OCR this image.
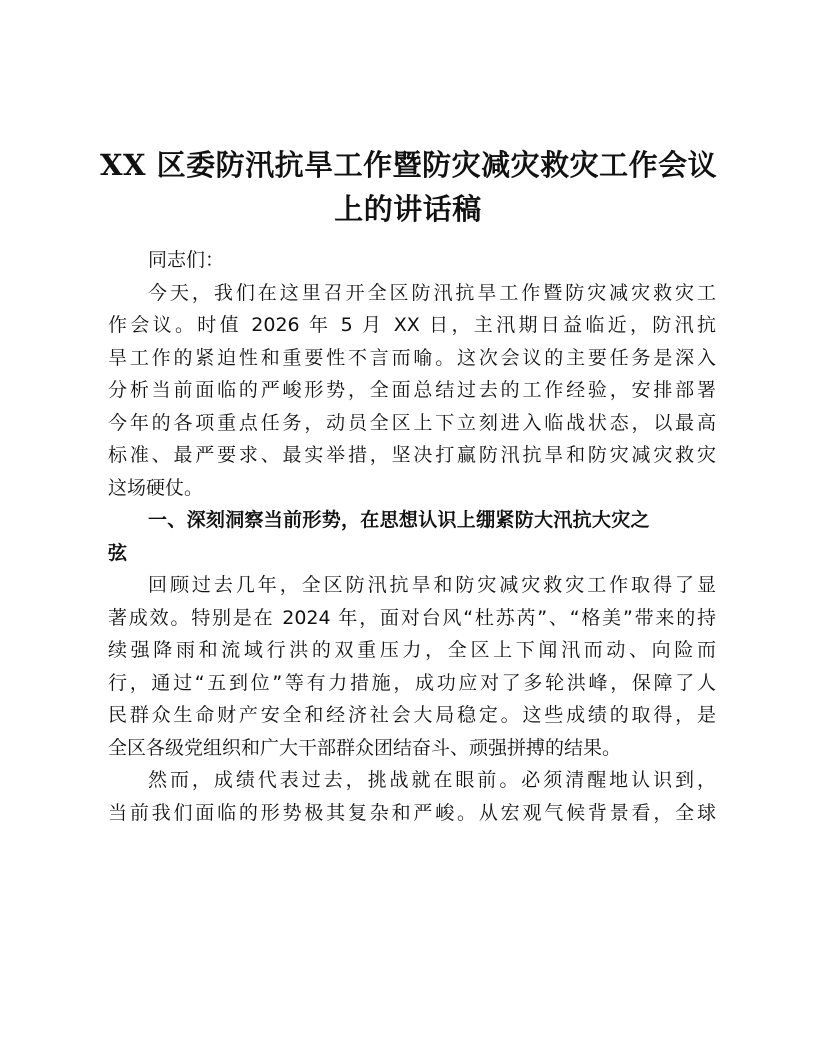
XX 区委防汛抗旱工作暨防灾减灾救灾工作会议
上的讲话稿
同志们：
今天，我们在这里召开全区防汛抗旱工作暨防灾减灾救灾工
作会议。时值 2026 年 5 月 XX 日，主汛期日益临近，防汛抗
旱工作的紧迫性和重要性不言而喻。这次会议的主要任务是深入
分析当前面临的严峻形势，全面总结过去的工作经验，安排部署
今年的各项重点任务，动员全区上下立刻进入临战状态，以最高
标准、最严要求、最实举措，坚决打赢防汛抗旱和防灾减灾救灾
这场硬仗。
一、深刻洞察当前形势，在思想认识上绷紧防大汛抗大灾之
弦
回顾过去几年，全区防汛抗旱和防灾减灾救灾工作取得了显
著成效。特别是在 2024 年，面对台风“杜苏芮”、“格美”带来的持
续强降雨和流域行洪的双重压力，全区上下闻汛而动、向险而
行，通过“五到位”等有力措施，成功应对了多轮洪峰，保障了人
民群众生命财产安全和经济社会大局稳定。这些成绩的取得，是
全区各级党组织和广大干部群众团结奋斗、顽强拼搏的结果。
然而，成绩代表过去，挑战就在眼前。必须清醒地认识到，
当前我们面临的形势极其复杂和严峻。从宏观气候背景看，全球
